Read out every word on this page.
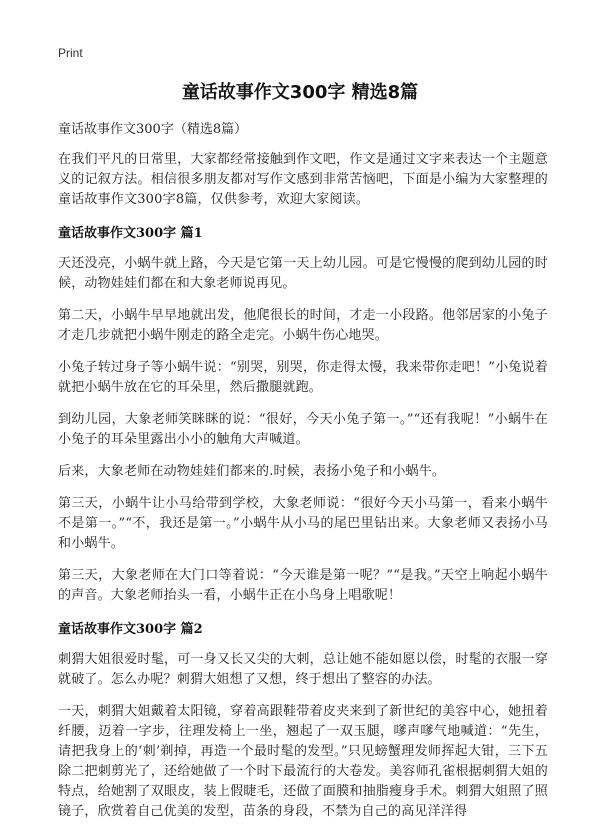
Print
童话故事作文300字 精选8篇
童话故事作文300字（精选8篇）

在我们平凡的日常里，大家都经常接触到作文吧，作文是通过文字来表达一个主题意义的记叙方法。相信很多朋友都对写作文感到非常苦恼吧，下面是小编为大家整理的童话故事作文300字8篇，仅供参考，欢迎大家阅读。

童话故事作文300字 篇1

天还没亮，小蜗牛就上路，今天是它第一天上幼儿园。可是它慢慢的爬到幼儿园的时候，动物娃娃们都在和大象老师说再见。

第二天，小蜗牛早早地就出发，他爬很长的时间，才走一小段路。他邻居家的小兔子才走几步就把小蜗牛刚走的路全走完。小蜗牛伤心地哭。

小兔子转过身子等小蜗牛说：“别哭，别哭，你走得太慢，我来带你走吧！”小兔说着就把小蜗牛放在它的耳朵里，然后撒腿就跑。

到幼儿园，大象老师笑眯眯的说：“很好，今天小兔子第一。”“还有我呢！”小蜗牛在小兔子的耳朵里露出小小的触角大声喊道。

后来，大象老师在动物娃娃们都来的.时候，表扬小兔子和小蜗牛。

第三天，小蜗牛让小马给带到学校，大象老师说：“很好今天小马第一，看来小蜗牛不是第一。”“不，我还是第一。”小蜗牛从小马的尾巴里钻出来。大象老师又表扬小马和小蜗牛。

第三天，大象老师在大门口等着说：“今天谁是第一呢？”“是我。”天空上响起小蜗牛的声音。大象老师抬头一看，小蜗牛正在小鸟身上唱歌呢！

童话故事作文300字 篇2

刺猬大姐很爱时髦，可一身又长又尖的大刺，总让她不能如愿以偿，时髦的衣服一穿就破了。怎么办呢？刺猬大姐想了又想，终于想出了整容的办法。

一天，刺猬大姐戴着太阳镜，穿着高跟鞋带着皮夹来到了新世纪的美容中心，她扭着纤腰，迈着一字步，往理发椅上一坐，翘起了一双玉腿，嗲声嗲气地喊道：“先生，请把我身上的‘刺’剃掉，再造一个最时髦的发型。”只见螃蟹理发师挥起大钳，三下五除二把刺剪光了，还给她做了一个时下最流行的大卷发。美容师孔雀根据刺猬大姐的特点，给她割了双眼皮，装上假睫毛，还做了面膜和抽脂瘦身手术。刺猬大姐照了照镜子，欣赏着自己优美的发型，苗条的身段，不禁为自己的高见洋洋得
